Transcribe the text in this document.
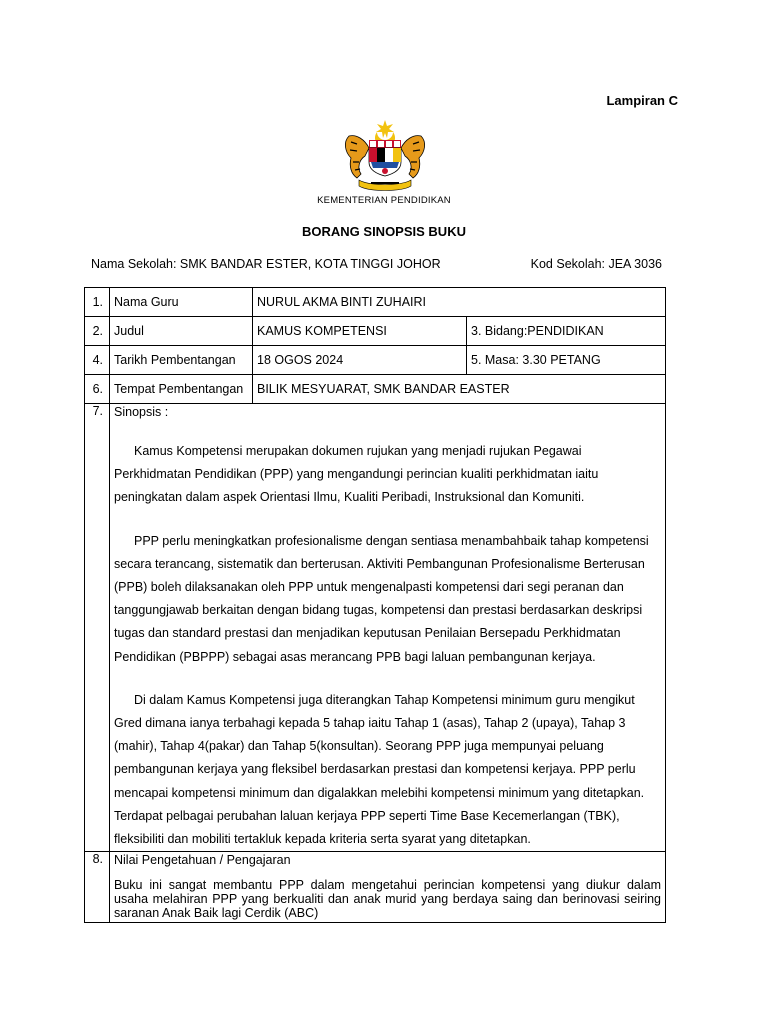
Lampiran C
KEMENTERIAN PENDIDIKAN
BORANG SINOPSIS BUKU
Nama Sekolah: SMK BANDAR ESTER, KOTA TINGGI JOHOR	Kod Sekolah: JEA 3036
1.	Nama Guru	NURUL AKMA BINTI ZUHAIRI	
2.	Judul	KAMUS KOMPETENSI	3. Bidang:PENDIDIKAN
4.	Tarikh Pembentangan	18 OGOS 2024	5. Masa: 3.30 PETANG
6.	Tempat Pembentangan	BILIK MESYUARAT, SMK BANDAR EASTER	
7.	Sinopsis :

Kamus Kompetensi merupakan dokumen rujukan yang menjadi rujukan Pegawai Perkhidmatan Pendidikan (PPP) yang mengandungi perincian kualiti perkhidmatan iaitu peningkatan dalam aspek Orientasi Ilmu, Kualiti Peribadi, Instruksional dan Komuniti.

PPP perlu meningkatkan profesionalisme dengan sentiasa menambahbaik tahap kompetensi secara terancang, sistematik dan berterusan. Aktiviti Pembangunan Profesionalisme Berterusan (PPB) boleh dilaksanakan oleh PPP untuk mengenalpasti kompetensi dari segi peranan dan tanggungjawab berkaitan dengan bidang tugas, kompetensi dan prestasi berdasarkan deskripsi tugas dan standard prestasi dan menjadikan keputusan Penilaian Bersepadu Perkhidmatan Pendidikan (PBPPP) sebagai asas merancang PPB bagi laluan pembangunan kerjaya.

Di dalam Kamus Kompetensi juga diterangkan Tahap Kompetensi minimum guru mengikut Gred dimana ianya terbahagi kepada 5 tahap iaitu Tahap 1 (asas), Tahap 2 (upaya), Tahap 3 (mahir), Tahap 4(pakar) dan Tahap 5(konsultan). Seorang PPP juga mempunyai peluang pembangunan kerjaya yang fleksibel berdasarkan prestasi dan kompetensi kerjaya. PPP perlu mencapai kompetensi minimum dan digalakkan melebihi kompetensi minimum yang ditetapkan. Terdapat pelbagai perubahan laluan kerjaya PPP seperti Time Base Kecemerlangan (TBK), fleksibiliti dan mobiliti tertakluk kepada kriteria serta syarat yang ditetapkan.		

8.	Nilai Pengetahuan / Pengajaran
Buku ini sangat membantu PPP dalam mengetahui perincian kompetensi yang diukur dalam usaha melahiran PPP yang berkualiti dan anak murid yang berdaya saing dan berinovasi seiring saranan Anak Baik lagi Cerdik (ABC)		
